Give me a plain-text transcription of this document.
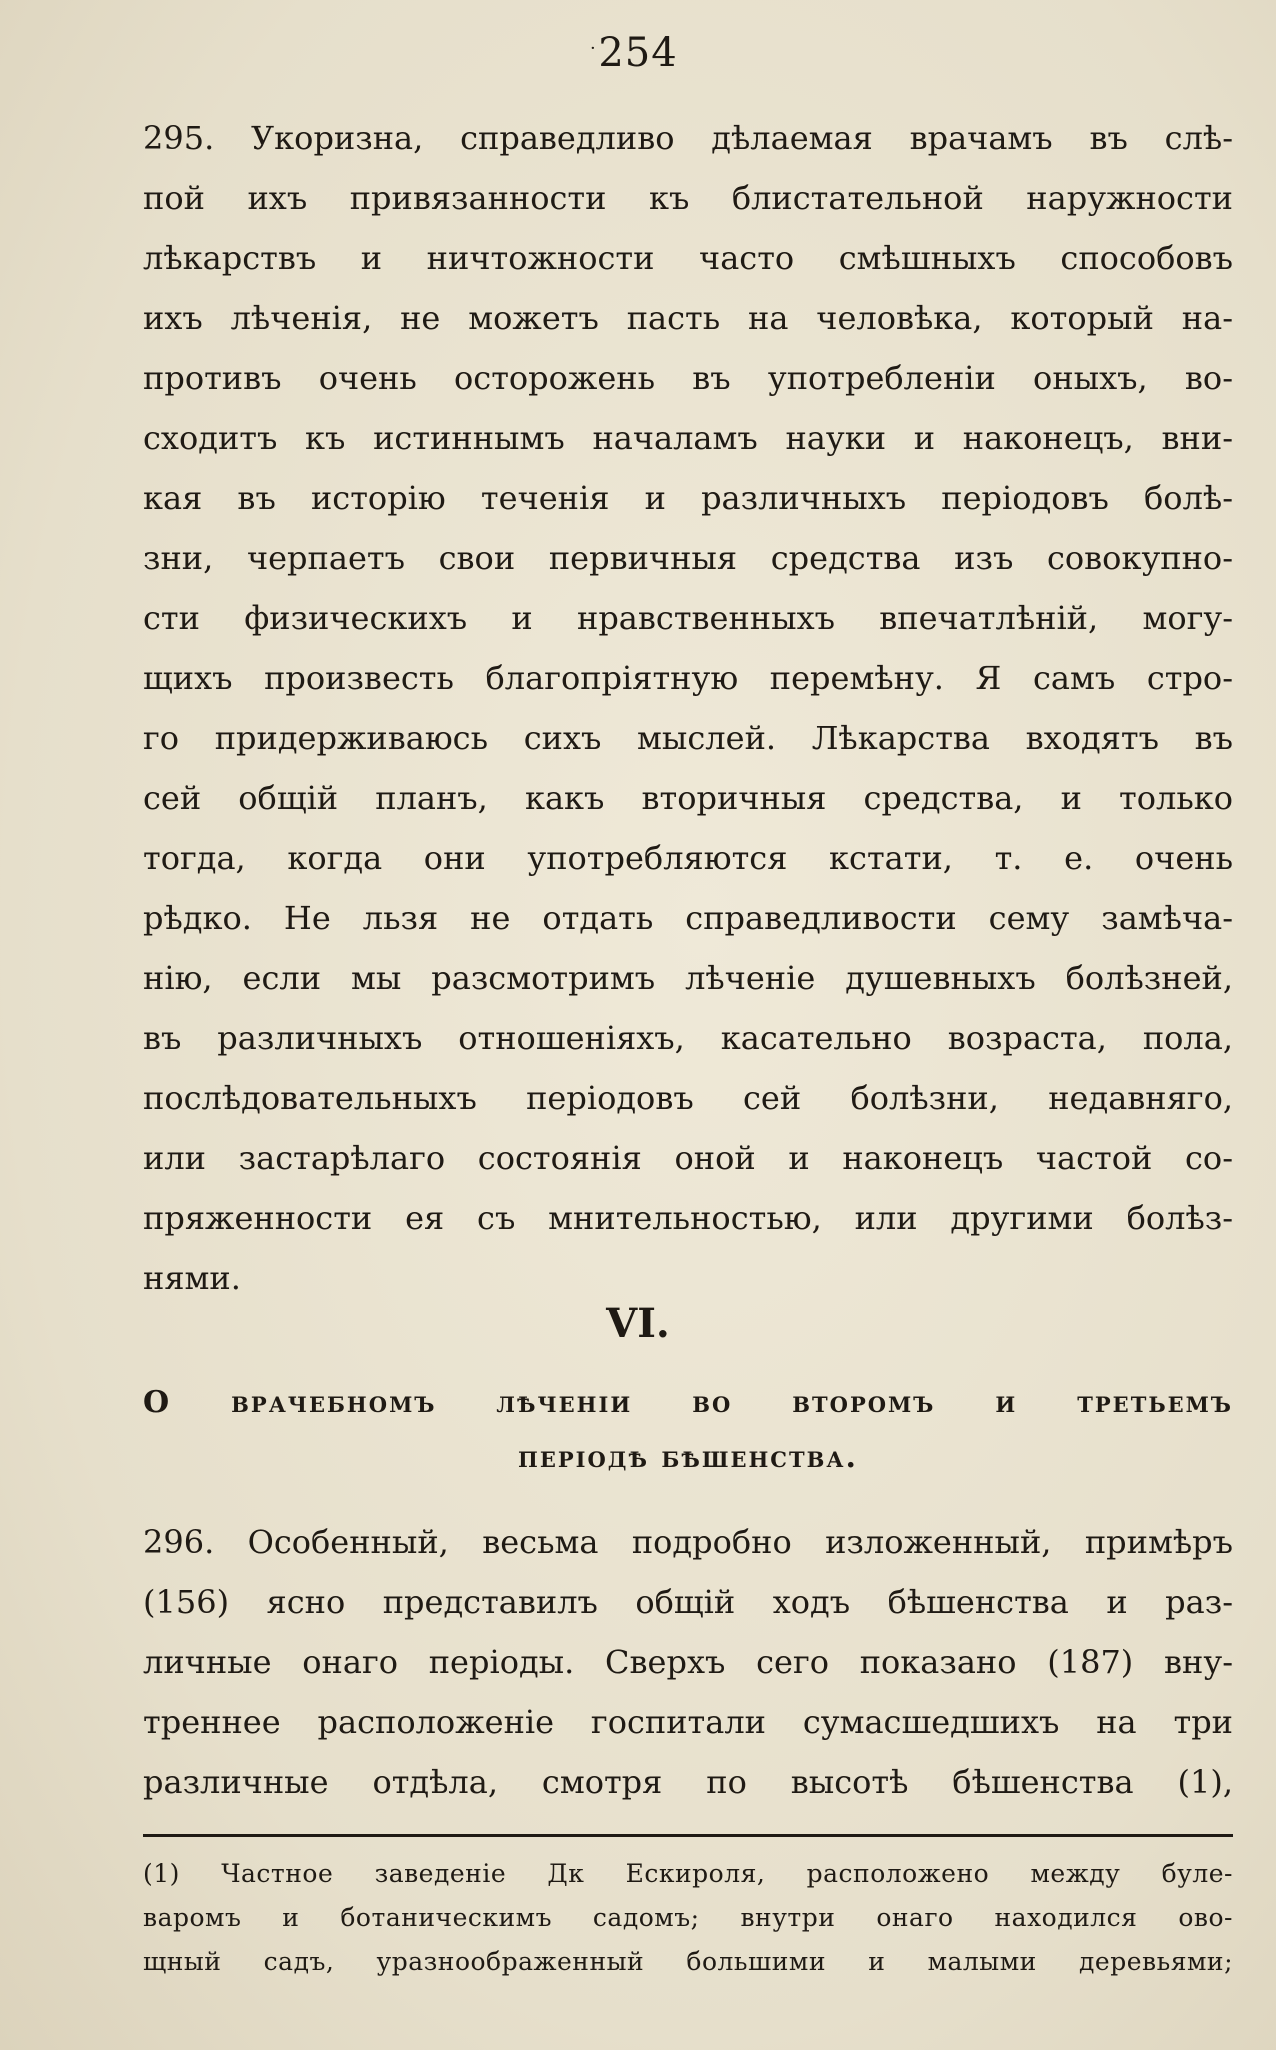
· 254
295. Укоризна, справедливо дѣлаемая врачамъ въ слѣ-
пой ихъ привязанности къ блистательной наружности
лѣкарствъ и ничтожности часто смѣшныхъ способовъ
ихъ лѣченія, не можетъ пасть на человѣка, который на-
противъ очень осторожень въ употребленіи оныхъ, во-
сходитъ къ истиннымъ началамъ науки и наконецъ, вни-
кая въ исторію теченія и различныхъ періодовъ болѣ-
зни, черпаетъ свои первичныя средства изъ совокупно-
сти физическихъ и нравственныхъ впечатлѣній, могу-
щихъ произвесть благопріятную перемѣну. Я самъ стро-
го придерживаюсь сихъ мыслей. Лѣкарства входятъ въ
сей общій планъ, какъ вторичныя средства, и только
тогда, когда они употребляются кстати, т. е. очень
рѣдко. Не льзя не отдать справедливости сему замѣча-
нію, если мы разсмотримъ лѣченіе душевныхъ болѣзней,
въ различныхъ отношеніяхъ, касательно возраста, пола,
послѣдовательныхъ періодовъ сей болѣзни, недавняго,
или застарѣлаго состоянія оной и наконецъ частой со-
пряженности ея съ мнительностью, или другими болѣз-
нями.
VI.
О врачебномъ лѣченіи во второмъ и третьемъ
періодѣ бѣшенства.
296. Особенный, весьма подробно изложенный, примѣръ
(156) ясно представилъ общій ходъ бѣшенства и раз-
личные онаго періоды. Сверхъ сего показано (187) вну-
треннее расположеніе госпитали сумасшедшихъ на три
различные отдѣла, смотря по высотѣ бѣшенства (1),
(1) Частное заведеніе Дк Ескироля, расположено между буле-
варомъ и ботаническимъ садомъ; внутри онаго находился ово-
щный садъ, уразноображенный большими и малыми деревьями;
